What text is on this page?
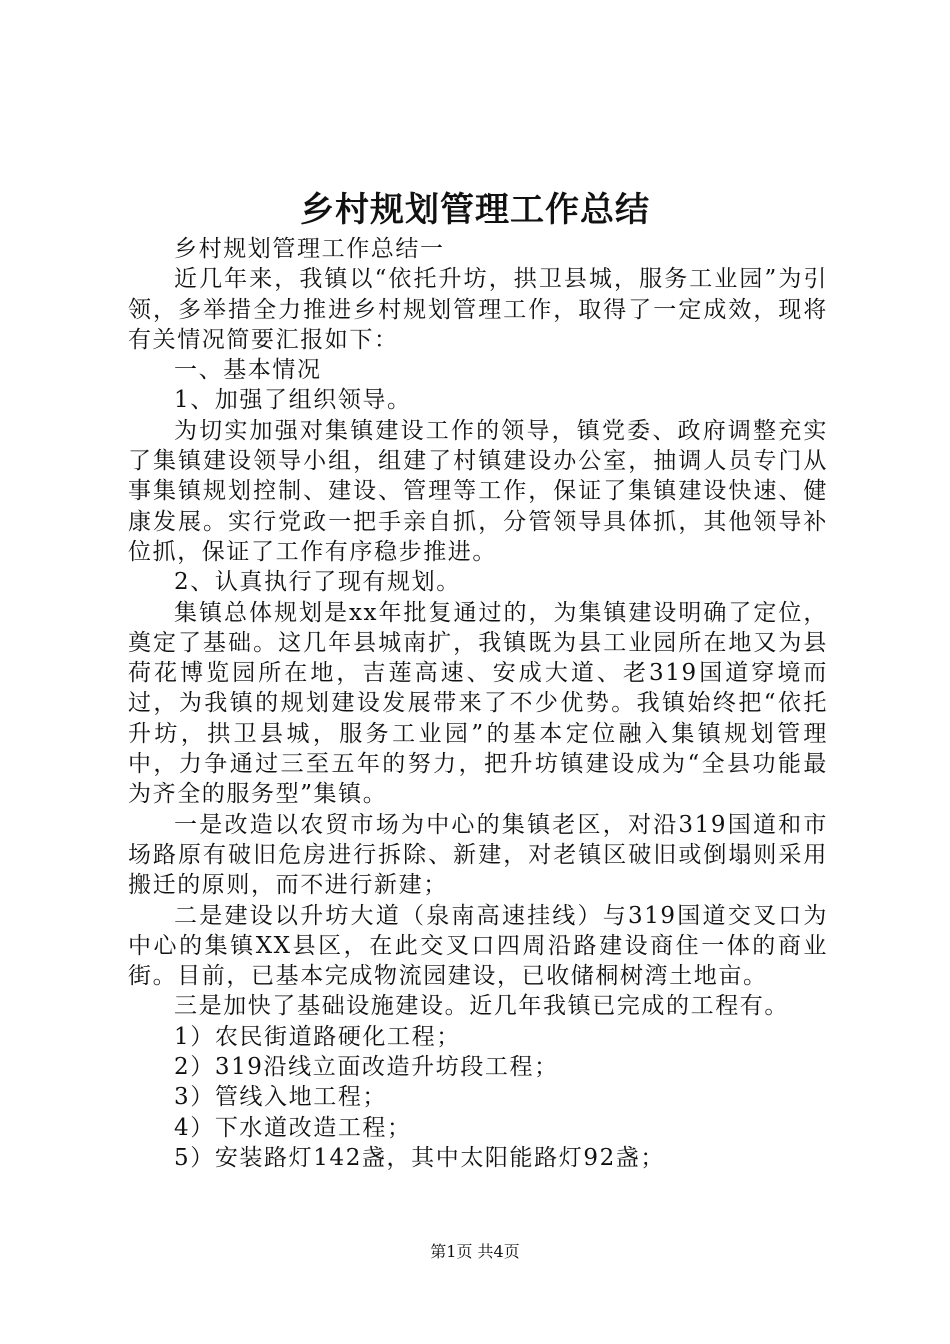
乡村规划管理工作总结

乡村规划管理工作总结一

近几年来，我镇以“依托升坊，拱卫县城，服务工业园”为引领，多举措全力推进乡村规划管理工作，取得了一定成效，现将有关情况简要汇报如下：

一、基本情况

1、加强了组织领导。

为切实加强对集镇建设工作的领导，镇党委、政府调整充实了集镇建设领导小组，组建了村镇建设办公室，抽调人员专门从事集镇规划控制、建设、管理等工作，保证了集镇建设快速、健康发展。实行党政一把手亲自抓，分管领导具体抓，其他领导补位抓，保证了工作有序稳步推进。

2、认真执行了现有规划。

集镇总体规划是xx年批复通过的，为集镇建设明确了定位，奠定了基础。这几年县城南扩，我镇既为县工业园所在地又为县荷花博览园所在地，吉莲高速、安成大道、老319国道穿境而过，为我镇的规划建设发展带来了不少优势。我镇始终把“依托升坊，拱卫县城，服务工业园”的基本定位融入集镇规划管理中，力争通过三至五年的努力，把升坊镇建设成为“全县功能最为齐全的服务型”集镇。

一是改造以农贸市场为中心的集镇老区，对沿319国道和市场路原有破旧危房进行拆除、新建，对老镇区破旧或倒塌则采用搬迁的原则，而不进行新建；

二是建设以升坊大道（泉南高速挂线）与319国道交叉口为中心的集镇XX县区，在此交叉口四周沿路建设商住一体的商业街。目前，已基本完成物流园建设，已收储桐树湾土地亩。

三是加快了基础设施建设。近几年我镇已完成的工程有。

1）农民街道路硬化工程；

2）319沿线立面改造升坊段工程；

3）管线入地工程；

4）下水道改造工程；

5）安装路灯142盏，其中太阳能路灯92盏；

第1页 共4页
